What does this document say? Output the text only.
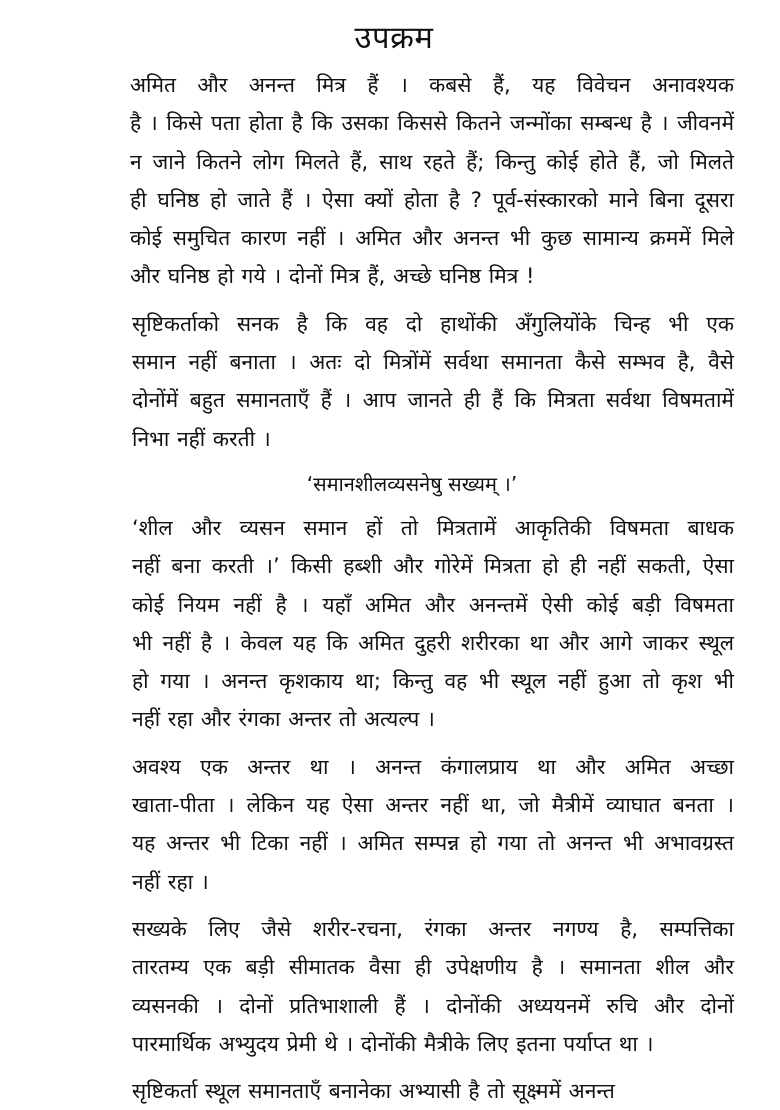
उपक्रम

अमित और अनन्त मित्र हैं । कबसे हैं, यह विवेचन अनावश्यक
है । किसे पता होता है कि उसका किससे कितने जन्मोंका सम्बन्ध है । जीवनमें
न जाने कितने लोग मिलते हैं, साथ रहते हैं; किन्तु कोई होते हैं, जो मिलते
ही घनिष्ठ हो जाते हैं । ऐसा क्यों होता है ? पूर्व-संस्कारको माने बिना दूसरा
कोई समुचित कारण नहीं । अमित और अनन्त भी कुछ सामान्य क्रममें मिले
और घनिष्ठ हो गये । दोनों मित्र हैं, अच्छे घनिष्ठ मित्र !

सृष्टिकर्ताको सनक है कि वह दो हाथोंकी अँगुलियोंके चिन्ह भी एक
समान नहीं बनाता । अतः दो मित्रोंमें सर्वथा समानता कैसे सम्भव है, वैसे
दोनोंमें बहुत समानताएँ हैं । आप जानते ही हैं कि मित्रता सर्वथा विषमतामें
निभा नहीं करती ।

‘समानशीलव्यसनेषु सख्यम् ।’

‘शील और व्यसन समान हों तो मित्रतामें आकृतिकी विषमता बाधक
नहीं बना करती ।’ किसी हब्शी और गोरेमें मित्रता हो ही नहीं सकती, ऐसा
कोई नियम नहीं है । यहाँ अमित और अनन्तमें ऐसी कोई बड़ी विषमता
भी नहीं है । केवल यह कि अमित दुहरी शरीरका था और आगे जाकर स्थूल
हो गया । अनन्त कृशकाय था; किन्तु वह भी स्थूल नहीं हुआ तो कृश भी
नहीं रहा और रंगका अन्तर तो अत्यल्प ।

अवश्य एक अन्तर था । अनन्त कंगालप्राय था और अमित अच्छा
खाता-पीता । लेकिन यह ऐसा अन्तर नहीं था, जो मैत्रीमें व्याघात बनता ।
यह अन्तर भी टिका नहीं । अमित सम्पन्न हो गया तो अनन्त भी अभावग्रस्त
नहीं रहा ।

सख्यके लिए जैसे शरीर-रचना, रंगका अन्तर नगण्य है, सम्पत्तिका
तारतम्य एक बड़ी सीमातक वैसा ही उपेक्षणीय है । समानता शील और
व्यसनकी । दोनों प्रतिभाशाली हैं । दोनोंकी अध्ययनमें रुचि और दोनों
पारमार्थिक अभ्युदय प्रेमी थे । दोनोंकी मैत्रीके लिए इतना पर्याप्त था ।

सृष्टिकर्ता स्थूल समानताएँ बनानेका अभ्यासी है तो सूक्ष्ममें अनन्त
